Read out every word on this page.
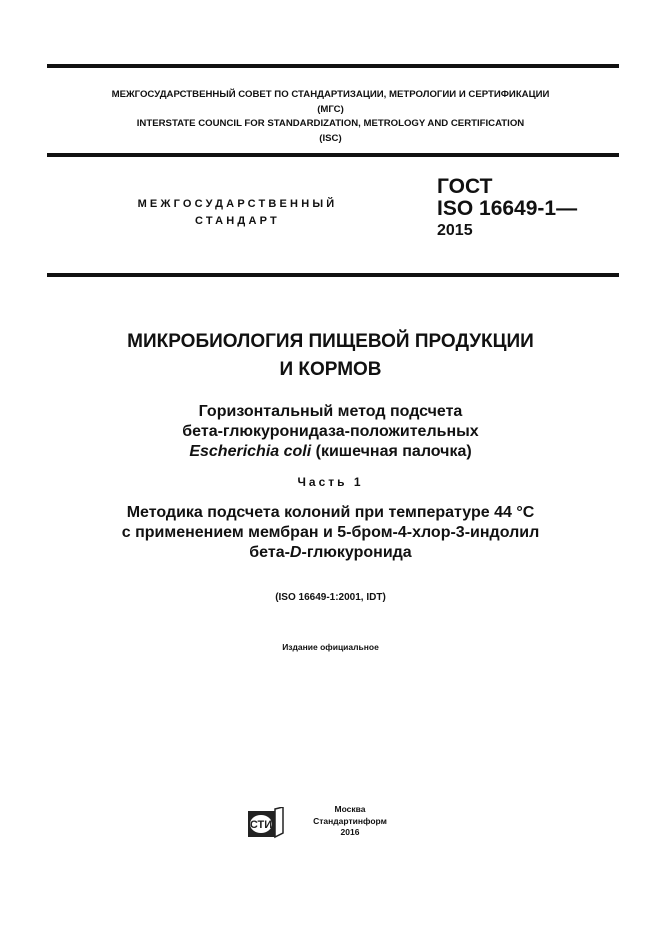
МЕЖГОСУДАРСТВЕННЫЙ СОВЕТ ПО СТАНДАРТИЗАЦИИ, МЕТРОЛОГИИ И СЕРТИФИКАЦИИ
(МГС)
INTERSTATE COUNCIL FOR STANDARDIZATION, METROLOGY AND CERTIFICATION
(ISC)
МЕЖГОСУДАРСТВЕННЫЙ
СТАНДАРТ
ГОСТ
ISO 16649-1—
2015
МИКРОБИОЛОГИЯ ПИЩЕВОЙ ПРОДУКЦИИ
И КОРМОВ
Горизонтальный метод подсчета
бета-глюкуронидаза-положительных
Escherichia coli (кишечная палочка)
Часть 1
Методика подсчета колоний при температуре 44 °С
с применением мембран и 5-бром-4-хлор-3-индолил
бета-D-глюкуронида
(ISO 16649-1:2001, IDT)
Издание официальное
СТИ
Москва
Стандартинформ
2016
